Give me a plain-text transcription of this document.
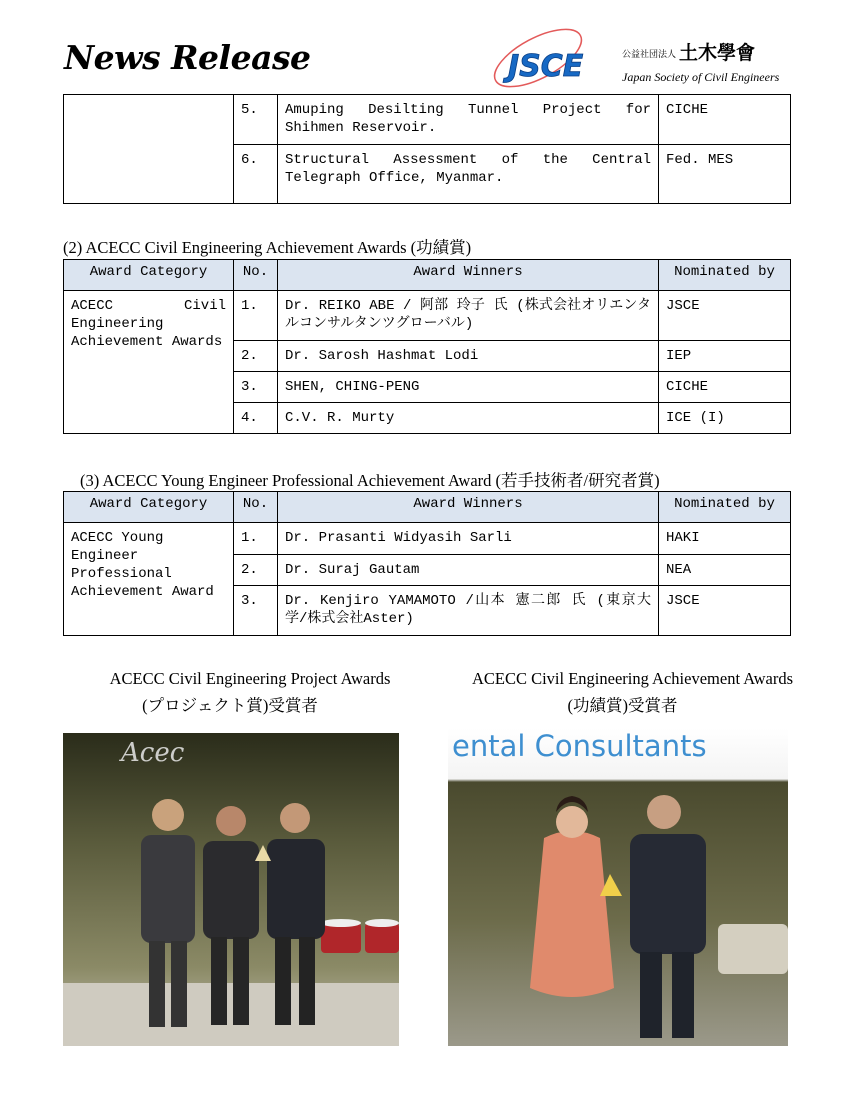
News Release	JSCE	公益社団法人 土木學會
Japan Society of Civil Engineers
	5.	Amuping Desilting Tunnel Project for Shihmen Reservoir.	CICHE
	6.	Structural Assessment of the Central Telegraph Office, Myanmar.	Fed. MES
(2) ACECC Civil Engineering Achievement Awards (功績賞)
Award Category	No.	Award Winners	Nominated by
ACECC Civil Engineering Achievement Awards	1.	Dr. REIKO ABE / 阿部 玲子 氏 (株式会社オリエンタルコンサルタンツグローバル)	JSCE
	2.	Dr. Sarosh Hashmat Lodi	IEP
	3.	SHEN, CHING-PENG	CICHE
	4.	C.V. R. Murty	ICE (I)
(3) ACECC Young Engineer Professional Achievement Award (若手技術者/研究者賞)
Award Category	No.	Award Winners	Nominated by
ACECC Young Engineer Professional Achievement Award	1.	Dr. Prasanti Widyasih Sarli	HAKI
	2.	Dr. Suraj Gautam	NEA
	3.	Dr. Kenjiro YAMAMOTO /山本 憲二郎 氏 (東京大学/株式会社Aster)	JSCE
ACECC Civil Engineering Project Awards
(プロジェクト賞)受賞者
ACECC Civil Engineering Achievement Awards
(功績賞)受賞者
Acec	ental Consultants
